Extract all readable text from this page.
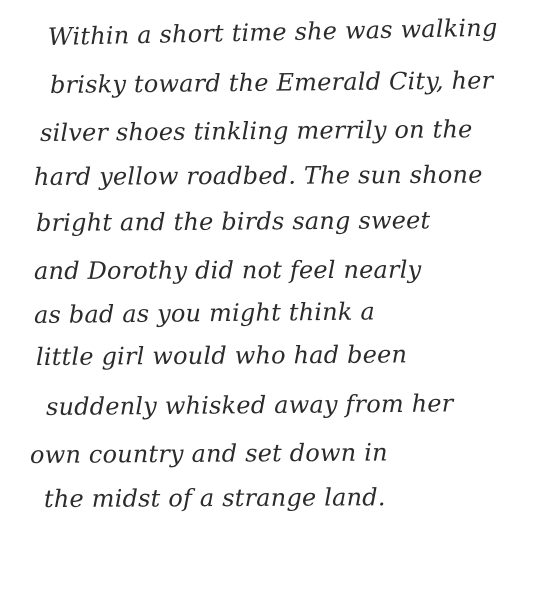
Within a short time she was walking
brisky toward the Emerald City, her
silver shoes tinkling merrily on the
hard yellow roadbed. The sun shone
bright and the birds sang sweet
and Dorothy did not feel nearly
as bad as you might think a
little girl would who had been
suddenly whisked away from her
own country and set down in
the midst of a strange land.
